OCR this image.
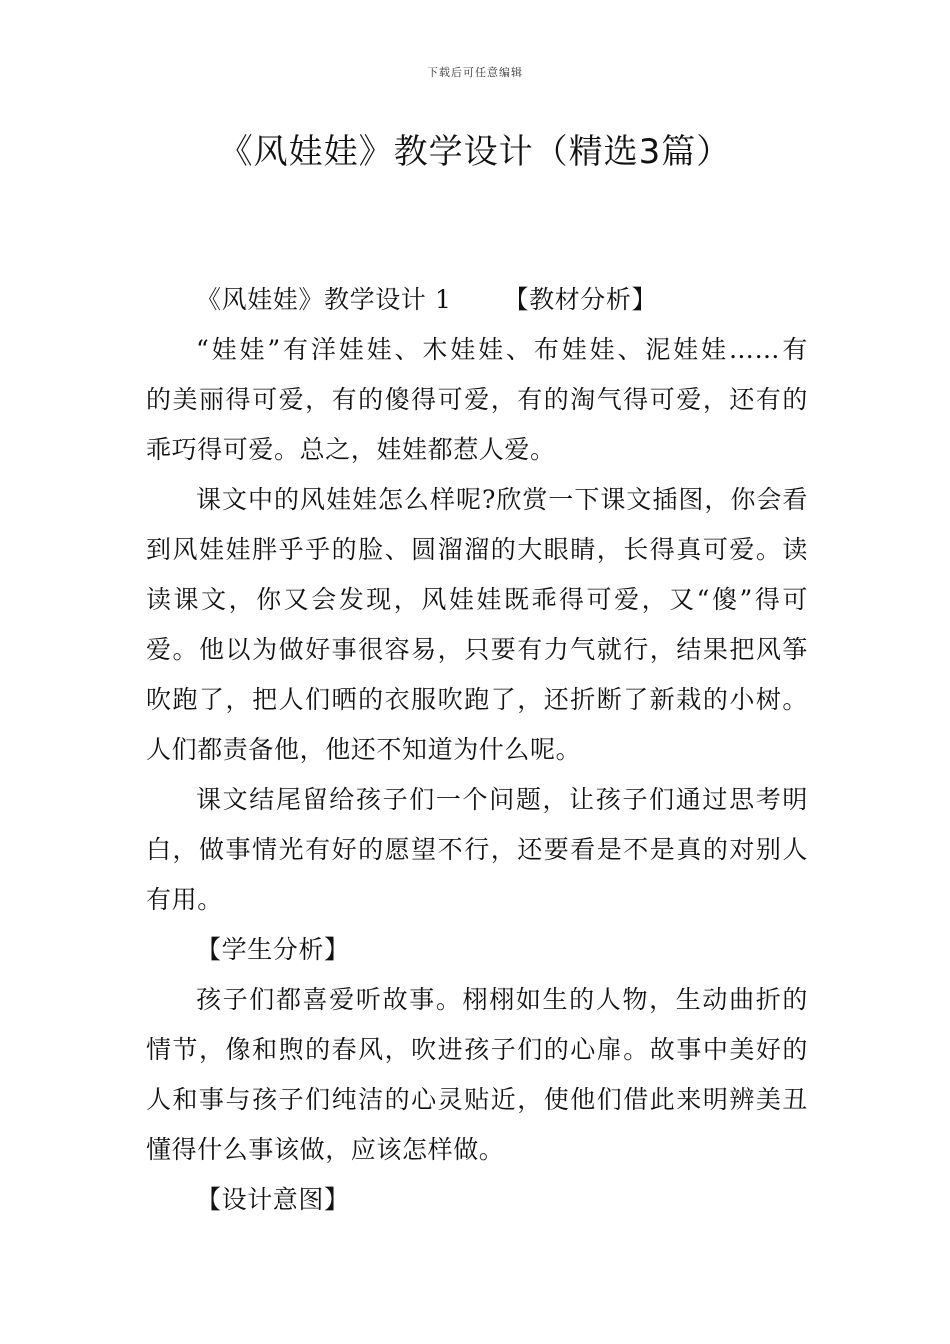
下载后可任意编辑
《风娃娃》教学设计（精选3篇）
《风娃娃》教学设计 1 【教材分析】
“娃娃”有洋娃娃、木娃娃、布娃娃、泥娃娃……有
的美丽得可爱，有的傻得可爱，有的淘气得可爱，还有的
乖巧得可爱。总之，娃娃都惹人爱。
课文中的风娃娃怎么样呢?欣赏一下课文插图，你会看
到风娃娃胖乎乎的脸、圆溜溜的大眼睛，长得真可爱。读
读课文，你又会发现，风娃娃既乖得可爱，又“傻”得可
爱。他以为做好事很容易，只要有力气就行，结果把风筝
吹跑了，把人们晒的衣服吹跑了，还折断了新栽的小树。
人们都责备他，他还不知道为什么呢。
课文结尾留给孩子们一个问题，让孩子们通过思考明
白，做事情光有好的愿望不行，还要看是不是真的对别人
有用。
【学生分析】
孩子们都喜爱听故事。栩栩如生的人物，生动曲折的
情节，像和煦的春风，吹进孩子们的心扉。故事中美好的
人和事与孩子们纯洁的心灵贴近，使他们借此来明辨美丑
懂得什么事该做，应该怎样做。
【设计意图】
